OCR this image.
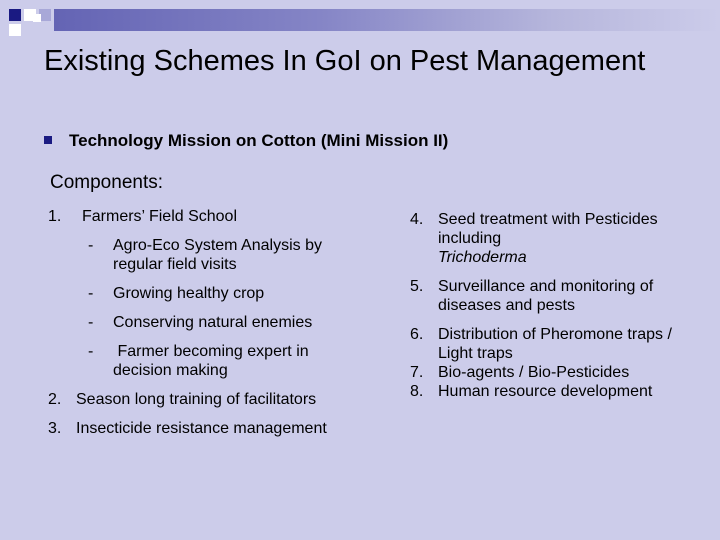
Existing Schemes In GoI on Pest Management
Technology Mission on Cotton (Mini Mission II)
Components:
1. Farmers’ Field School
- Agro-Eco System Analysis by regular field visits
- Growing healthy crop
- Conserving natural enemies
- Farmer becoming expert in decision making
2. Season long training of facilitators
3. Insecticide resistance management
4. Seed treatment with Pesticides including
Trichoderma
5. Surveillance and monitoring of diseases and pests
6. Distribution of Pheromone traps / Light traps
7. Bio-agents / Bio-Pesticides
8. Human resource development
